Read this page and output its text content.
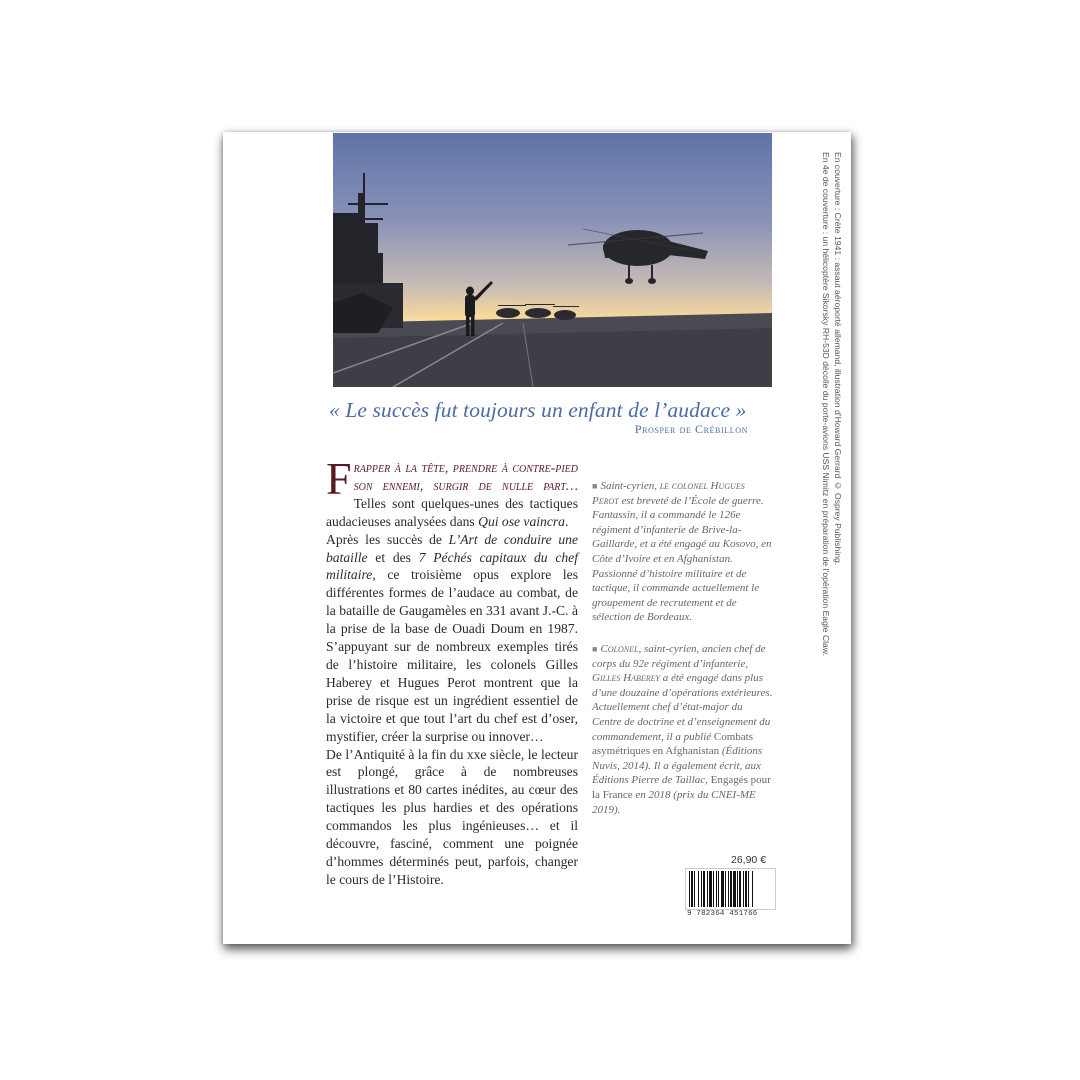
« Le succès fut toujours un enfant de l’audace »
Prosper de Crébillon

Frapper à la tête, prendre à contre-pied son ennemi, surgir de nulle part… Telles sont quelques-unes des tactiques audacieuses analysées dans Qui ose vaincra.

Après les succès de L’Art de conduire une bataille et des 7 Péchés capitaux du chef militaire, ce troisième opus explore les différentes formes de l’audace au combat, de la bataille de Gaugamèles en 331 avant J.-C. à la prise de la base de Ouadi Doum en 1987. S’appuyant sur de nombreux exemples tirés de l’histoire militaire, les colonels Gilles Haberey et Hugues Perot montrent que la prise de risque est un ingrédient essentiel de la victoire et que tout l’art du chef est d’oser, mystifier, créer la surprise ou innover…

De l’Antiquité à la fin du xxe siècle, le lecteur est plongé, grâce à de nombreuses illustrations et 80 cartes inédites, au cœur des tactiques les plus hardies et des opérations commandos les plus ingénieuses… et il découvre, fasciné, comment une poignée d’hommes déterminés peut, parfois, changer le cours de l’Histoire.

■ Saint-cyrien, le colonel Hugues Perot est breveté de l’École de guerre. Fantassin, il a commandé le 126e régiment d’infanterie de Brive-la-Gaillarde, et a été engagé au Kosovo, en Côte d’Ivoire et en Afghanistan. Passionné d’histoire militaire et de tactique, il commande actuellement le groupement de recrutement et de sélection de Bordeaux.

■ Colonel, saint-cyrien, ancien chef de corps du 92e régiment d’infanterie, Gilles Haberey a été engagé dans plus d’une douzaine d’opérations extérieures. Actuellement chef d’état-major du Centre de doctrine et d’enseignement du commandement, il a publié Combats asymétriques en Afghanistan (Éditions Nuvis, 2014). Il a également écrit, aux Éditions Pierre de Taillac, Engagés pour la France en 2018 (prix du CNEI-ME 2019).

26,90 €
9 782364 451766
En couverture : Crète 1941 : assaut aéroporté allemand, illustration d’Howard Gerrard © Osprey Publishing.
En 4e de couverture : un hélicoptère Sikorsky RH-53D décolle du porte-avions USS Nimitz en préparation de l’opération Eagle Claw.
